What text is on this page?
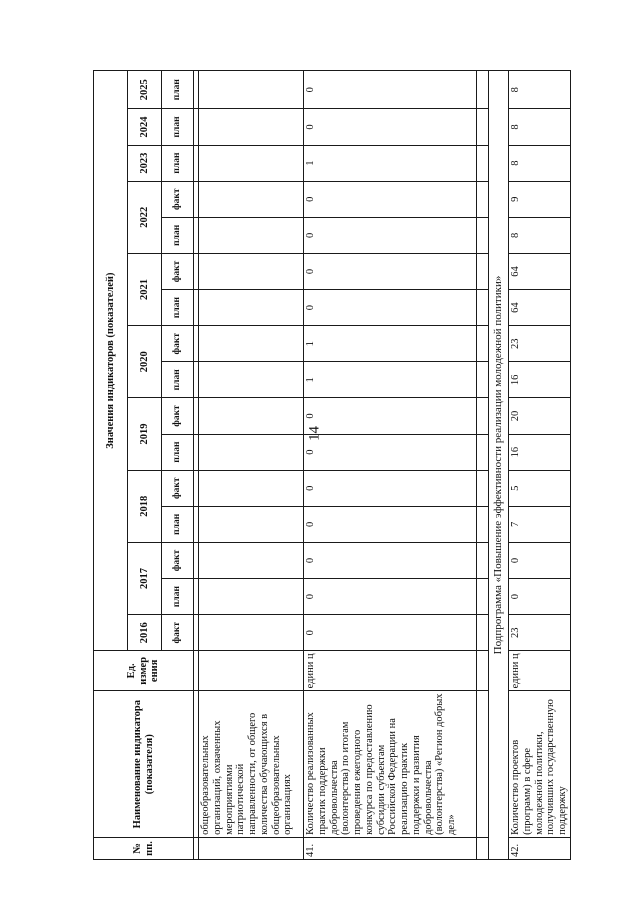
14
№ пп.	Наименование индикатора (показателя)	Ед. измер ения	Значения индикаторов (показателей)															
			2016	2017		2018		2019		2020		2021		2022		2023	2024	2025
			факт	план	факт	план	факт	план	факт	план	факт	план	факт	план	факт	план	план	план

	общеобразовательных организаций, охваченных мероприятиями патриотической направленности, от общего количества обучающихся в общеобразовательных организациях																	
41.	Количество реализованных практик поддержки добровольчества (волонтерства) по итогам проведения ежегодного конкурса по предоставлению субсидии субъектам Российской Федерации на реализацию практик поддержки и развития добровольчества (волонтерства) «Регион добрых дел»	едини ц	0	0	0	0	0	0	0	1	1	0	0	0	0	1	0	0

Подпрограмма «Повышение эффективности реализации молодежной политики»																		
42.	Количество проектов (программ) в сфере молодежной политики, получивших государственную поддержку	едини ц	23	0	0	7	5	16	20	16	23	64	64	8	9	8	8	8
